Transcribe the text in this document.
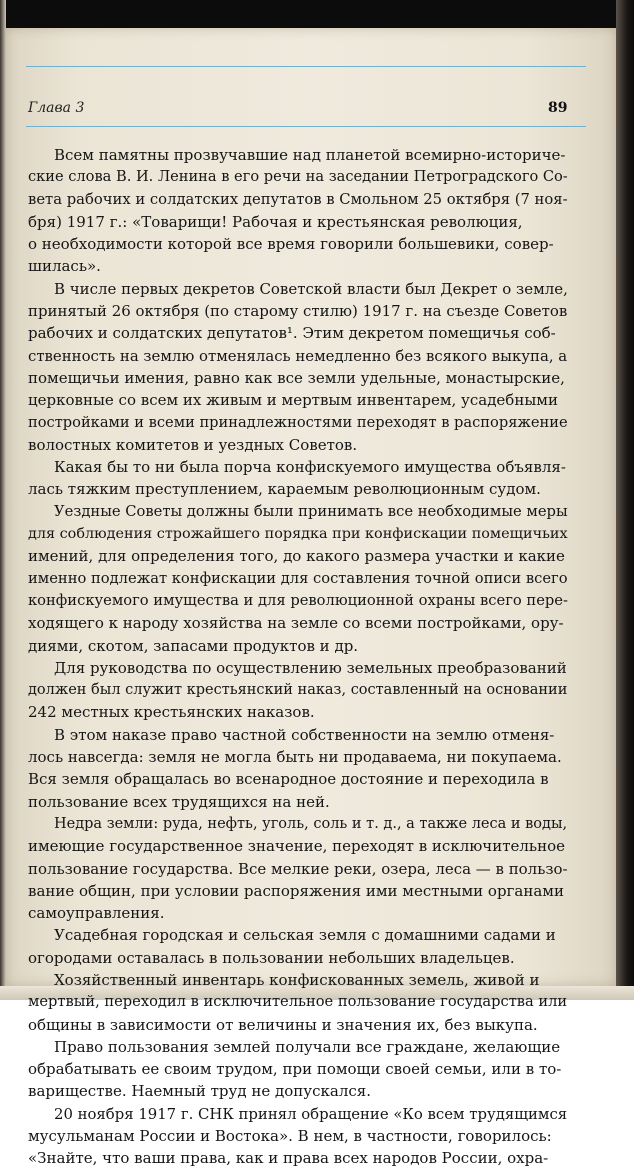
Глава 3	89
Всем памятны прозвучавшие над планетой всемирно-историче-
ские слова В. И. Ленина в его речи на заседании Петроградского Со-
вета рабочих и солдатских депутатов в Смольном 25 октября (7 ноя-
бря) 1917 г.: «Товарищи! Рабочая и крестьянская революция,
о необходимости которой все время говорили большевики, совер-
шилась».
В числе первых декретов Советской власти был Декрет о земле,
принятый 26 октября (по старому стилю) 1917 г. на съезде Советов
рабочих и солдатских депутатов¹. Этим декретом помещичья соб-
ственность на землю отменялась немедленно без всякого выкупа, а
помещичьи имения, равно как все земли удельные, монастырские,
церковные со всем их живым и мертвым инвентарем, усадебными
постройками и всеми принадлежностями переходят в распоряжение
волостных комитетов и уездных Советов.
Какая бы то ни была порча конфискуемого имущества объявля-
лась тяжким преступлением, караемым революционным судом.
Уездные Советы должны были принимать все необходимые меры
для соблюдения строжайшего порядка при конфискации помещичьих
имений, для определения того, до какого размера участки и какие
именно подлежат конфискации для составления точной описи всего
конфискуемого имущества и для революционной охраны всего пере-
ходящего к народу хозяйства на земле со всеми постройками, ору-
диями, скотом, запасами продуктов и др.
Для руководства по осуществлению земельных преобразований
должен был служит крестьянский наказ, составленный на основании
242 местных крестьянских наказов.
В этом наказе право частной собственности на землю отменя-
лось навсегда: земля не могла быть ни продаваема, ни покупаема.
Вся земля обращалась во всенародное достояние и переходила в
пользование всех трудящихся на ней.
Недра земли: руда, нефть, уголь, соль и т. д., а также леса и воды,
имеющие государственное значение, переходят в исключительное
пользование государства. Все мелкие реки, озера, леса — в пользо-
вание общин, при условии распоряжения ими местными органами
самоуправления.
Усадебная городская и сельская земля с домашними садами и
огородами оставалась в пользовании небольших владельцев.
Хозяйственный инвентарь конфискованных земель, живой и
мертвый, переходил в исключительное пользование государства или
общины в зависимости от величины и значения их, без выкупа.
Право пользования землей получали все граждане, желающие
обрабатывать ее своим трудом, при помощи своей семьи, или в то-
вариществе. Наемный труд не допускался.
20 ноября 1917 г. СНК принял обращение «Ко всем трудящимся
мусульманам России и Востока». В нем, в частности, говорилось:
«Знайте, что ваши права, как и права всех народов России, охра-
